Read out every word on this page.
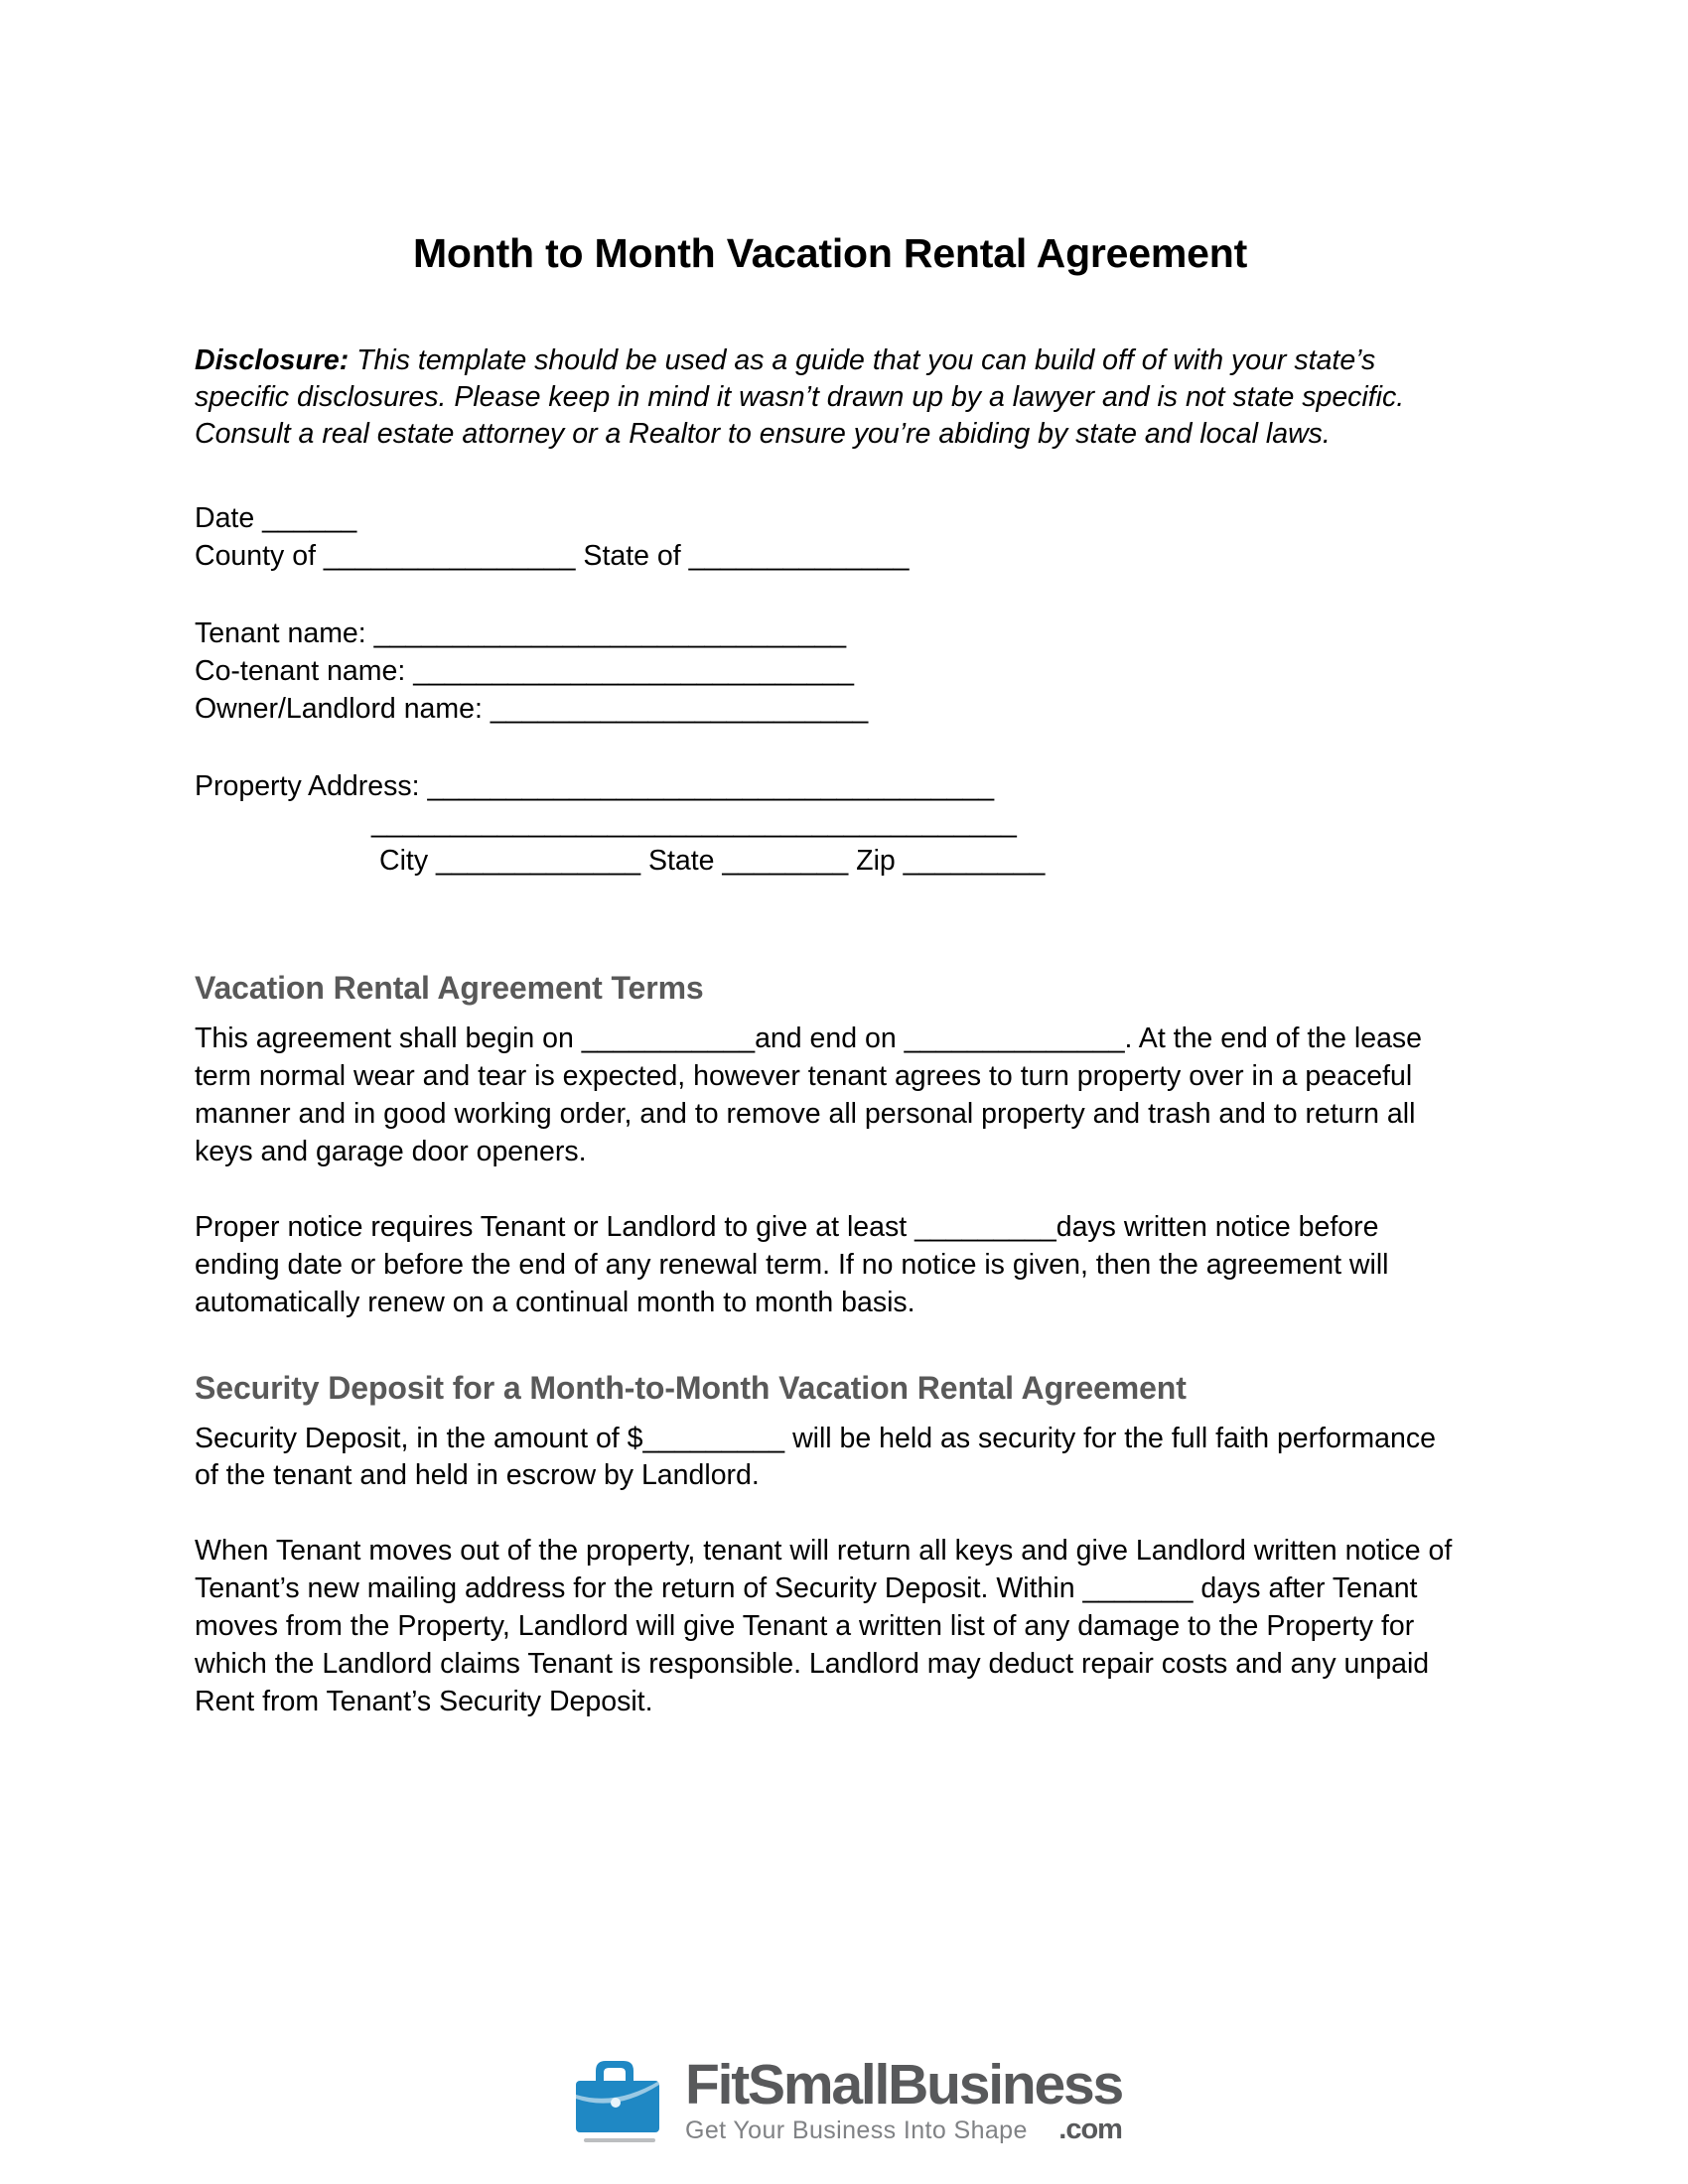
Month to Month Vacation Rental Agreement

Disclosure: This template should be used as a guide that you can build off of with your state’s specific disclosures. Please keep in mind it wasn’t drawn up by a lawyer and is not state specific. Consult a real estate attorney or a Realtor to ensure you’re abiding by state and local laws.

Date ______
County of ________________ State of ______________
Tenant name: ______________________________
Co-tenant name: ____________________________
Owner/Landlord name: ________________________
Property Address: ____________________________________
_________________________________________
City _____________ State ________ Zip _________
Vacation Rental Agreement Terms

This agreement shall begin on ___________and end on ______________. At the end of the lease term normal wear and tear is expected, however tenant agrees to turn property over in a peaceful manner and in good working order, and to remove all personal property and trash and to return all keys and garage door openers.

Proper notice requires Tenant or Landlord to give at least _________days written notice before ending date or before the end of any renewal term. If no notice is given, then the agreement will automatically renew on a continual month to month basis.

Security Deposit for a Month-to-Month Vacation Rental Agreement

Security Deposit, in the amount of $_________ will be held as security for the full faith performance of the tenant and held in escrow by Landlord.

When Tenant moves out of the property, tenant will return all keys and give Landlord written notice of Tenant’s new mailing address for the return of Security Deposit. Within _______ days after Tenant moves from the Property, Landlord will give Tenant a written list of any damage to the Property for which the Landlord claims Tenant is responsible. Landlord may deduct repair costs and any unpaid Rent from Tenant’s Security Deposit.

FitSmallBusiness
Get Your Business Into Shape .com
